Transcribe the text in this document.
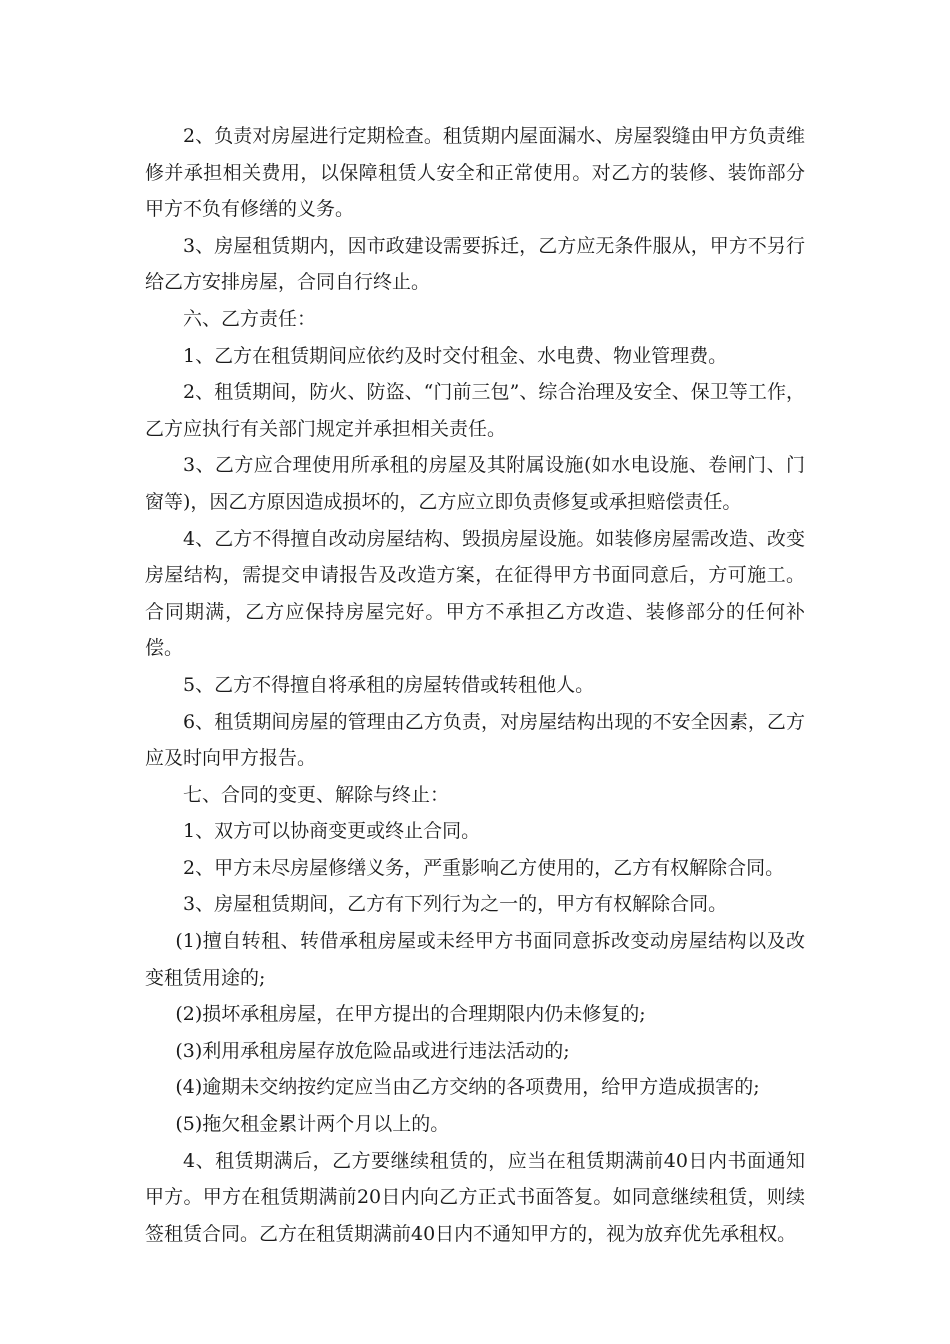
2、负责对房屋进行定期检查。租赁期内屋面漏水、房屋裂缝由甲方负责维修并承担相关费用，以保障租赁人安全和正常使用。对乙方的装修、装饰部分甲方不负有修缮的义务。

3、房屋租赁期内，因市政建设需要拆迁，乙方应无条件服从，甲方不另行给乙方安排房屋，合同自行终止。

六、乙方责任：

1、乙方在租赁期间应依约及时交付租金、水电费、物业管理费。

2、租赁期间，防火、防盗、“门前三包”、综合治理及安全、保卫等工作，乙方应执行有关部门规定并承担相关责任。

3、乙方应合理使用所承租的房屋及其附属设施(如水电设施、卷闸门、门窗等)，因乙方原因造成损坏的，乙方应立即负责修复或承担赔偿责任。

4、乙方不得擅自改动房屋结构、毁损房屋设施。如装修房屋需改造、改变房屋结构，需提交申请报告及改造方案，在征得甲方书面同意后，方可施工。合同期满，乙方应保持房屋完好。甲方不承担乙方改造、装修部分的任何补偿。

5、乙方不得擅自将承租的房屋转借或转租他人。

6、租赁期间房屋的管理由乙方负责，对房屋结构出现的不安全因素，乙方应及时向甲方报告。

七、合同的变更、解除与终止：

1、双方可以协商变更或终止合同。

2、甲方未尽房屋修缮义务，严重影响乙方使用的，乙方有权解除合同。

3、房屋租赁期间，乙方有下列行为之一的，甲方有权解除合同。

(1)擅自转租、转借承租房屋或未经甲方书面同意拆改变动房屋结构以及改变租赁用途的;

(2)损坏承租房屋，在甲方提出的合理期限内仍未修复的;

(3)利用承租房屋存放危险品或进行违法活动的;

(4)逾期未交纳按约定应当由乙方交纳的各项费用，给甲方造成损害的;

(5)拖欠租金累计两个月以上的。

4、租赁期满后，乙方要继续租赁的，应当在租赁期满前40日内书面通知甲方。甲方在租赁期满前20日内向乙方正式书面答复。如同意继续租赁，则续签租赁合同。乙方在租赁期满前40日内不通知甲方的，视为放弃优先承租权。
